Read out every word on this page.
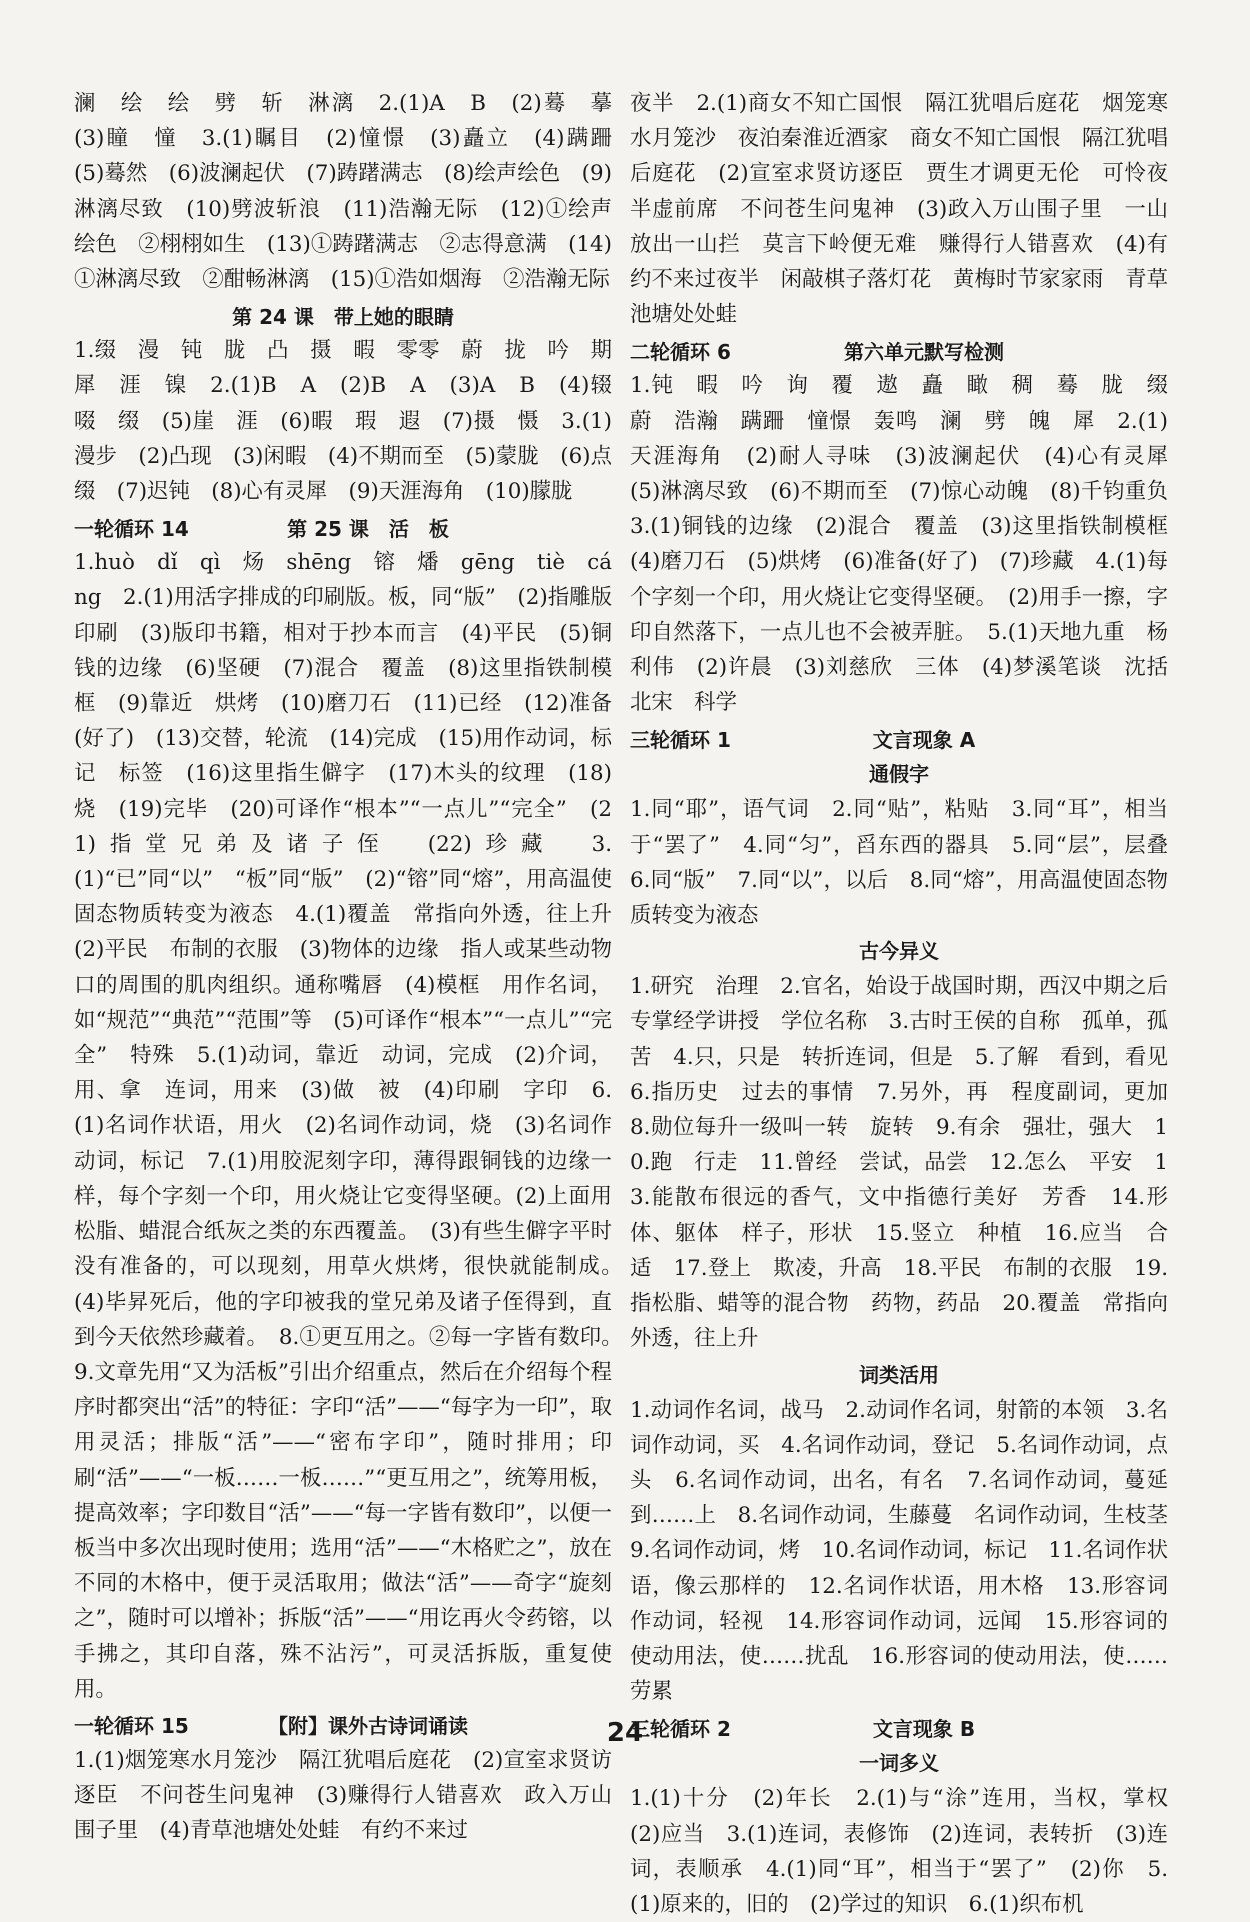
澜　绘　绘　劈　斩　淋漓　2.(1)A　B　(2)蓦　摹　(3)瞳　憧　3.(1)瞩目　(2)憧憬　(3)矗立　(4)蹒跚　(5)蓦然　(6)波澜起伏　(7)踌躇满志　(8)绘声绘色　(9)淋漓尽致　(10)劈波斩浪　(11)浩瀚无际　(12)①绘声绘色　②栩栩如生　(13)①踌躇满志　②志得意满　(14)①淋漓尽致　②酣畅淋漓　(15)①浩如烟海　②浩瀚无际

第 24 课　带上她的眼睛

1.缀　漫　钝　胧　凸　摄　暇　零零　蔚　拢　吟　期　犀　涯　镍　2.(1)B　A　(2)B　A　(3)A　B　(4)辍　啜　缀　(5)崖　涯　(6)暇　瑕　遐　(7)摄　慑　3.(1)漫步　(2)凸现　(3)闲暇　(4)不期而至　(5)蒙胧　(6)点缀　(7)迟钝　(8)心有灵犀　(9)天涯海角　(10)朦胧

一轮循环 14	第 25 课　活　板

1.huò　dǐ　qì　炀　shēng　镕　燔　gēng　tiè　cáng　2.(1)用活字排成的印刷版。板，同“版”　(2)指雕版印刷　(3)版印书籍，相对于抄本而言　(4)平民　(5)铜钱的边缘　(6)坚硬　(7)混合　覆盖　(8)这里指铁制模框　(9)靠近　烘烤　(10)磨刀石　(11)已经　(12)准备(好了)　(13)交替，轮流　(14)完成　(15)用作动词，标记　标签　(16)这里指生僻字　(17)木头的纹理　(18)烧　(19)完毕　(20)可译作“根本”“一点儿”“完全”　(21)指堂兄弟及诸子侄　(22)珍藏　3.(1)“已”同“以”　“板”同“版”　(2)“镕”同“熔”，用高温使固态物质转变为液态　4.(1)覆盖　常指向外透，往上升　(2)平民　布制的衣服　(3)物体的边缘　指人或某些动物口的周围的肌肉组织。通称嘴唇　(4)模框　用作名词，如“规范”“典范”“范围”等　(5)可译作“根本”“一点儿”“完全”　特殊　5.(1)动词，靠近　动词，完成　(2)介词，用、拿　连词，用来　(3)做　被　(4)印刷　字印　6.(1)名词作状语，用火　(2)名词作动词，烧　(3)名词作动词，标记　7.(1)用胶泥刻字印，薄得跟铜钱的边缘一样，每个字刻一个印，用火烧让它变得坚硬。(2)上面用松脂、蜡混合纸灰之类的东西覆盖。　(3)有些生僻字平时没有准备的，可以现刻，用草火烘烤，很快就能制成。　(4)毕昇死后，他的字印被我的堂兄弟及诸子侄得到，直到今天依然珍藏着。　8.①更互用之。②每一字皆有数印。　9.文章先用“又为活板”引出介绍重点，然后在介绍每个程序时都突出“活”的特征：字印“活”——“每字为一印”，取用灵活；排版“活”——“密布字印”，随时排用；印刷“活”——“一板……一板……”“更互用之”，统筹用板，提高效率；字印数目“活”——“每一字皆有数印”，以便一板当中多次出现时使用；选用“活”——“木格贮之”，放在不同的木格中，便于灵活取用；做法“活”——奇字“旋刻之”，随时可以增补；拆版“活”——“用讫再火令药镕，以手拂之，其印自落，殊不沾污”，可灵活拆版，重复使用。

一轮循环 15	【附】课外古诗词诵读

1.(1)烟笼寒水月笼沙　隔江犹唱后庭花　(2)宣室求贤访逐臣　不问苍生问鬼神　(3)赚得行人错喜欢　政入万山围子里　(4)青草池塘处处蛙　有约不来过

夜半　2.(1)商女不知亡国恨　隔江犹唱后庭花　烟笼寒水月笼沙　夜泊秦淮近酒家　商女不知亡国恨　隔江犹唱后庭花　(2)宣室求贤访逐臣　贾生才调更无伦　可怜夜半虚前席　不问苍生问鬼神　(3)政入万山围子里　一山放出一山拦　莫言下岭便无难　赚得行人错喜欢　(4)有约不来过夜半　闲敲棋子落灯花　黄梅时节家家雨　青草池塘处处蛙

二轮循环 6	第六单元默写检测

1.钝　暇　吟　询　覆　遨　矗　瞰　稠　蓦　胧　缀　蔚　浩瀚　蹒跚　憧憬　轰鸣　澜　劈　魄　犀　2.(1)天涯海角　(2)耐人寻味　(3)波澜起伏　(4)心有灵犀　(5)淋漓尽致　(6)不期而至　(7)惊心动魄　(8)千钧重负　3.(1)铜钱的边缘　(2)混合　覆盖　(3)这里指铁制模框　(4)磨刀石　(5)烘烤　(6)准备(好了)　(7)珍藏　4.(1)每个字刻一个印，用火烧让它变得坚硬。　(2)用手一擦，字印自然落下，一点儿也不会被弄脏。　5.(1)天地九重　杨利伟　(2)许晨　(3)刘慈欣　三体　(4)梦溪笔谈　沈括　北宋　科学

三轮循环 1	文言现象 A
通假字

1.同“耶”，语气词　2.同“贴”，粘贴　3.同“耳”，相当于“罢了”　4.同“匀”，舀东西的器具　5.同“层”，层叠　6.同“版”　7.同“以”，以后　8.同“熔”，用高温使固态物质转变为液态

古今异义

1.研究　治理　2.官名，始设于战国时期，西汉中期之后专掌经学讲授　学位名称　3.古时王侯的自称　孤单，孤苦　4.只，只是　转折连词，但是　5.了解　看到，看见　6.指历史　过去的事情　7.另外，再　程度副词，更加　8.勋位每升一级叫一转　旋转　9.有余　强壮，强大　10.跑　行走　11.曾经　尝试，品尝　12.怎么　平安　13.能散布很远的香气，文中指德行美好　芳香　14.形体、躯体　样子，形状　15.竖立　种植　16.应当　合适　17.登上　欺凌，升高　18.平民　布制的衣服　19.指松脂、蜡等的混合物　药物，药品　20.覆盖　常指向外透，往上升

词类活用

1.动词作名词，战马　2.动词作名词，射箭的本领　3.名词作动词，买　4.名词作动词，登记　5.名词作动词，点头　6.名词作动词，出名，有名　7.名词作动词，蔓延到……上　8.名词作动词，生藤蔓　名词作动词，生枝茎　9.名词作动词，烤　10.名词作动词，标记　11.名词作状语，像云那样的　12.名词作状语，用木格　13.形容词作动词，轻视　14.形容词作动词，远闻　15.形容词的使动用法，使……扰乱　16.形容词的使动用法，使……劳累

三轮循环 2	文言现象 B
一词多义

1.(1)十分　(2)年长　2.(1)与“涂”连用，当权，掌权　(2)应当　3.(1)连词，表修饰　(2)连词，表转折　(3)连词，表顺承　4.(1)同“耳”，相当于“罢了”　(2)你　5.(1)原来的，旧的　(2)学过的知识　6.(1)织布机

24
